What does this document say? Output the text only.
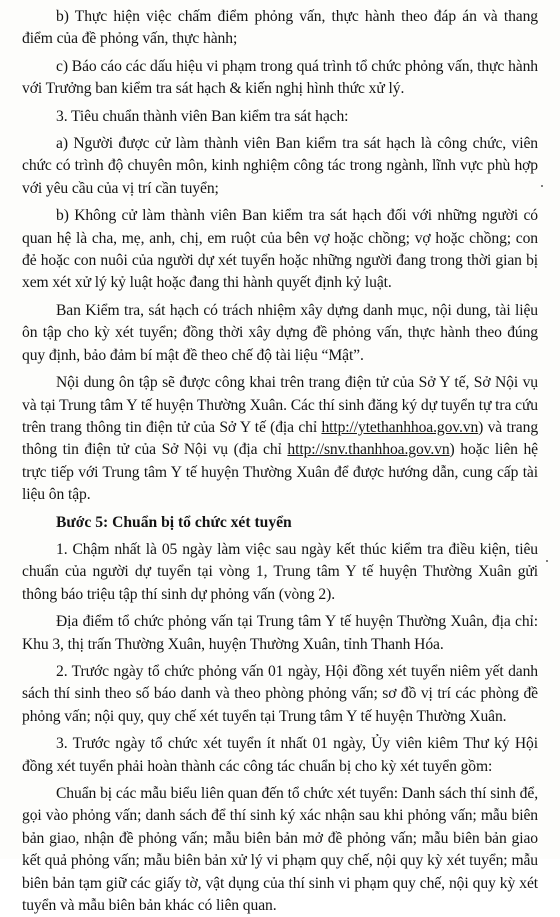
b) Thực hiện việc chấm điểm phỏng vấn, thực hành theo đáp án và thang điểm của đề phỏng vấn, thực hành;

c) Báo cáo các dấu hiệu vi phạm trong quá trình tổ chức phỏng vấn, thực hành với Trưởng ban kiểm tra sát hạch & kiến nghị hình thức xử lý.

3. Tiêu chuẩn thành viên Ban kiểm tra sát hạch:

a) Người được cử làm thành viên Ban kiểm tra sát hạch là công chức, viên chức có trình độ chuyên môn, kinh nghiệm công tác trong ngành, lĩnh vực phù hợp với yêu cầu của vị trí cần tuyển;

b) Không cử làm thành viên Ban kiểm tra sát hạch đối với những người có quan hệ là cha, mẹ, anh, chị, em ruột của bên vợ hoặc chồng; vợ hoặc chồng; con đẻ hoặc con nuôi của người dự xét tuyển hoặc những người đang trong thời gian bị xem xét xử lý kỷ luật hoặc đang thi hành quyết định kỷ luật.

Ban Kiểm tra, sát hạch có trách nhiệm xây dựng danh mục, nội dung, tài liệu ôn tập cho kỳ xét tuyển; đồng thời xây dựng đề phỏng vấn, thực hành theo đúng quy định, bảo đảm bí mật đề theo chế độ tài liệu “Mật”.

Nội dung ôn tập sẽ được công khai trên trang điện tử của Sở Y tế, Sở Nội vụ và tại Trung tâm Y tế huyện Thường Xuân. Các thí sinh đăng ký dự tuyển tự tra cứu trên trang thông tin điện tử của Sở Y tế (địa chỉ http://ytethanhhoa.gov.vn) và trang thông tin điện tử của Sở Nội vụ (địa chỉ http://snv.thanhhoa.gov.vn) hoặc liên hệ trực tiếp với Trung tâm Y tế huyện Thường Xuân để được hướng dẫn, cung cấp tài liệu ôn tập.

Bước 5: Chuẩn bị tổ chức xét tuyển

1. Chậm nhất là 05 ngày làm việc sau ngày kết thúc kiểm tra điều kiện, tiêu chuẩn của người dự tuyển tại vòng 1, Trung tâm Y tế huyện Thường Xuân gửi thông báo triệu tập thí sinh dự phỏng vấn (vòng 2).

Địa điểm tổ chức phỏng vấn tại Trung tâm Y tế huyện Thường Xuân, địa chỉ: Khu 3, thị trấn Thường Xuân, huyện Thường Xuân, tỉnh Thanh Hóa.

2. Trước ngày tổ chức phỏng vấn 01 ngày, Hội đồng xét tuyển niêm yết danh sách thí sinh theo số báo danh và theo phòng phỏng vấn; sơ đồ vị trí các phòng đề phỏng vấn; nội quy, quy chế xét tuyển tại Trung tâm Y tế huyện Thường Xuân.

3. Trước ngày tổ chức xét tuyển ít nhất 01 ngày, Ủy viên kiêm Thư ký Hội đồng xét tuyển phải hoàn thành các công tác chuẩn bị cho kỳ xét tuyển gồm:

Chuẩn bị các mẫu biểu liên quan đến tổ chức xét tuyển: Danh sách thí sinh để, gọi vào phỏng vấn; danh sách để thí sinh ký xác nhận sau khi phỏng vấn; mẫu biên bản giao, nhận đề phỏng vấn; mẫu biên bản mở đề phỏng vấn; mẫu biên bản giao kết quả phỏng vấn; mẫu biên bản xử lý vi phạm quy chế, nội quy kỳ xét tuyển; mẫu biên bản tạm giữ các giấy tờ, vật dụng của thí sinh vi phạm quy chế, nội quy kỳ xét tuyển và mẫu biên bản khác có liên quan.
